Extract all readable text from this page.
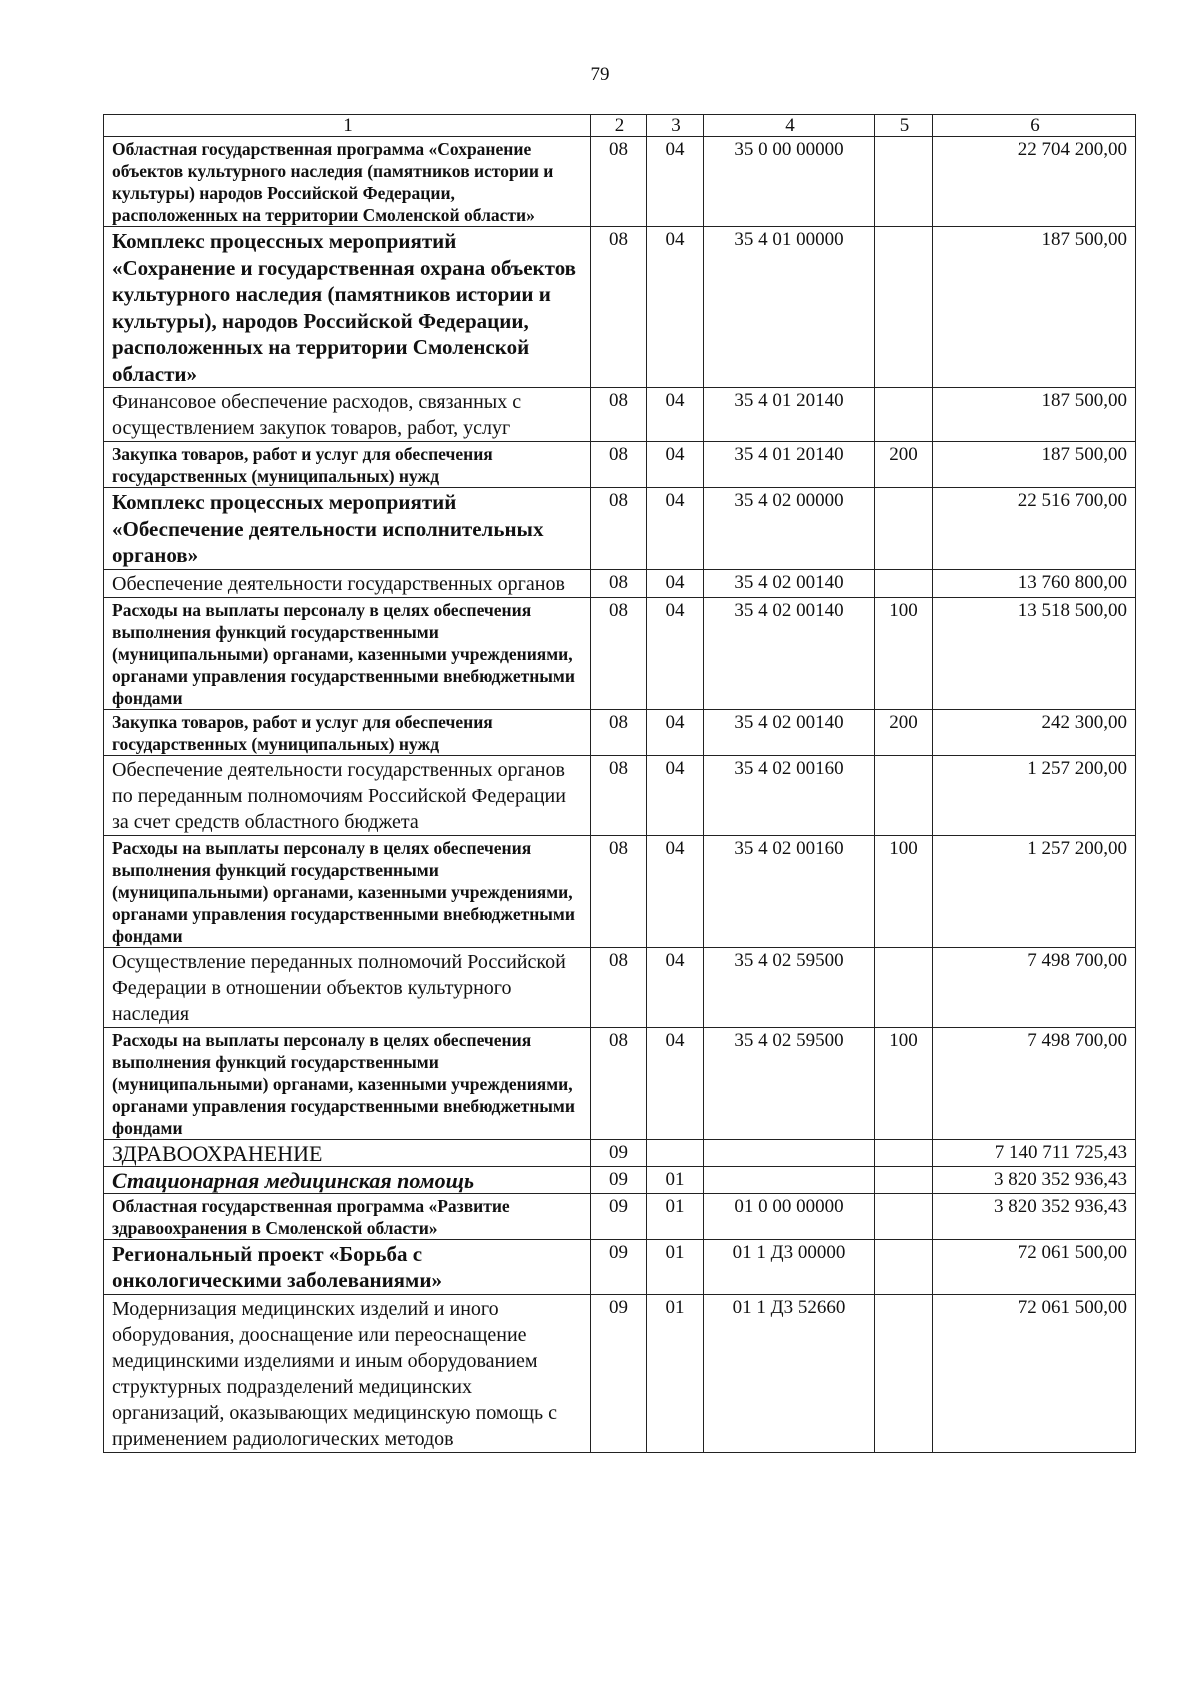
79
1	2	3	4	5	6
Областная государственная программа «Сохранение объектов культурного наследия (памятников истории и культуры) народов Российской Федерации, расположенных на территории Смоленской области»	08	04	35 0 00 00000		22 704 200,00
Комплекс процессных мероприятий «Сохранение и государственная охрана объектов культурного наследия (памятников истории и культуры), народов Российской Федерации, расположенных на территории Смоленской области»	08	04	35 4 01 00000		187 500,00
Финансовое обеспечение расходов, связанных с осуществлением закупок товаров, работ, услуг	08	04	35 4 01 20140		187 500,00
Закупка товаров, работ и услуг для обеспечения государственных (муниципальных) нужд	08	04	35 4 01 20140	200	187 500,00
Комплекс процессных мероприятий «Обеспечение деятельности исполнительных органов»	08	04	35 4 02 00000		22 516 700,00
Обеспечение деятельности государственных органов	08	04	35 4 02 00140		13 760 800,00
Расходы на выплаты персоналу в целях обеспечения выполнения функций государственными (муниципальными) органами, казенными учреждениями, органами управления государственными внебюджетными фондами	08	04	35 4 02 00140	100	13 518 500,00
Закупка товаров, работ и услуг для обеспечения государственных (муниципальных) нужд	08	04	35 4 02 00140	200	242 300,00
Обеспечение деятельности государственных органов по переданным полномочиям Российской Федерации за счет средств областного бюджета	08	04	35 4 02 00160		1 257 200,00
Расходы на выплаты персоналу в целях обеспечения выполнения функций государственными (муниципальными) органами, казенными учреждениями, органами управления государственными внебюджетными фондами	08	04	35 4 02 00160	100	1 257 200,00
Осуществление переданных полномочий Российской Федерации в отношении объектов культурного наследия	08	04	35 4 02 59500		7 498 700,00
Расходы на выплаты персоналу в целях обеспечения выполнения функций государственными (муниципальными) органами, казенными учреждениями, органами управления государственными внебюджетными фондами	08	04	35 4 02 59500	100	7 498 700,00
ЗДРАВООХРАНЕНИЕ	09				7 140 711 725,43
Стационарная медицинская помощь	09	01			3 820 352 936,43
Областная государственная программа «Развитие здравоохранения в Смоленской области»	09	01	01 0 00 00000		3 820 352 936,43
Региональный проект «Борьба с онкологическими заболеваниями»	09	01	01 1 Д3 00000		72 061 500,00
Модернизация медицинских изделий и иного оборудования, дооснащение или переоснащение медицинскими изделиями и иным оборудованием структурных подразделений медицинских организаций, оказывающих медицинскую помощь с применением радиологических методов	09	01	01 1 Д3 52660		72 061 500,00
